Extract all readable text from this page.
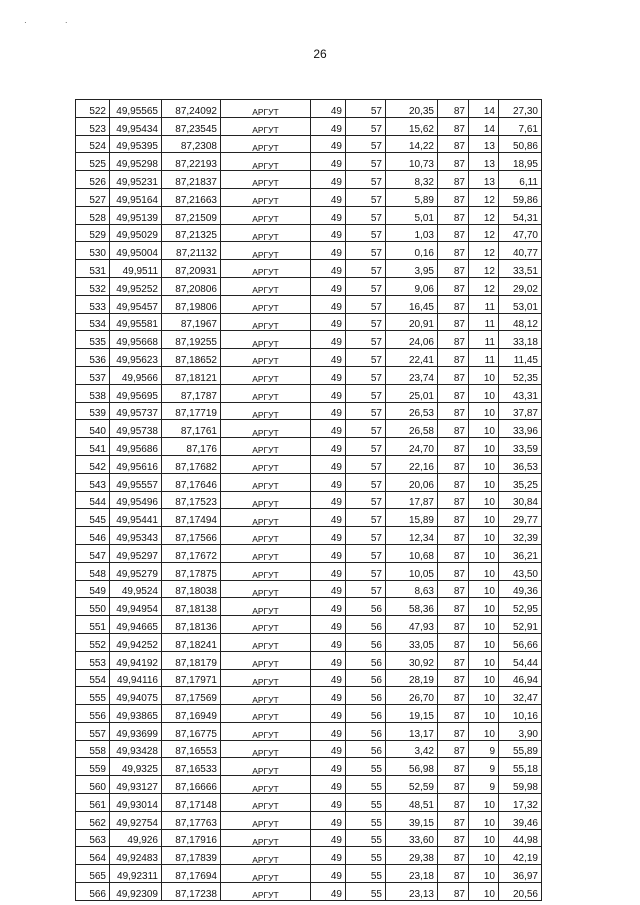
· ·
26
522	49,95565	87,24092	АРГУТ	49	57	20,35	87	14	27,30
523	49,95434	87,23545	АРГУТ	49	57	15,62	87	14	7,61
524	49,95395	87,2308	АРГУТ	49	57	14,22	87	13	50,86
525	49,95298	87,22193	АРГУТ	49	57	10,73	87	13	18,95
526	49,95231	87,21837	АРГУТ	49	57	8,32	87	13	6,11
527	49,95164	87,21663	АРГУТ	49	57	5,89	87	12	59,86
528	49,95139	87,21509	АРГУТ	49	57	5,01	87	12	54,31
529	49,95029	87,21325	АРГУТ	49	57	1,03	87	12	47,70
530	49,95004	87,21132	АРГУТ	49	57	0,16	87	12	40,77
531	49,9511	87,20931	АРГУТ	49	57	3,95	87	12	33,51
532	49,95252	87,20806	АРГУТ	49	57	9,06	87	12	29,02
533	49,95457	87,19806	АРГУТ	49	57	16,45	87	11	53,01
534	49,95581	87,1967	АРГУТ	49	57	20,91	87	11	48,12
535	49,95668	87,19255	АРГУТ	49	57	24,06	87	11	33,18
536	49,95623	87,18652	АРГУТ	49	57	22,41	87	11	11,45
537	49,9566	87,18121	АРГУТ	49	57	23,74	87	10	52,35
538	49,95695	87,1787	АРГУТ	49	57	25,01	87	10	43,31
539	49,95737	87,17719	АРГУТ	49	57	26,53	87	10	37,87
540	49,95738	87,1761	АРГУТ	49	57	26,58	87	10	33,96
541	49,95686	87,176	АРГУТ	49	57	24,70	87	10	33,59
542	49,95616	87,17682	АРГУТ	49	57	22,16	87	10	36,53
543	49,95557	87,17646	АРГУТ	49	57	20,06	87	10	35,25
544	49,95496	87,17523	АРГУТ	49	57	17,87	87	10	30,84
545	49,95441	87,17494	АРГУТ	49	57	15,89	87	10	29,77
546	49,95343	87,17566	АРГУТ	49	57	12,34	87	10	32,39
547	49,95297	87,17672	АРГУТ	49	57	10,68	87	10	36,21
548	49,95279	87,17875	АРГУТ	49	57	10,05	87	10	43,50
549	49,9524	87,18038	АРГУТ	49	57	8,63	87	10	49,36
550	49,94954	87,18138	АРГУТ	49	56	58,36	87	10	52,95
551	49,94665	87,18136	АРГУТ	49	56	47,93	87	10	52,91
552	49,94252	87,18241	АРГУТ	49	56	33,05	87	10	56,66
553	49,94192	87,18179	АРГУТ	49	56	30,92	87	10	54,44
554	49,94116	87,17971	АРГУТ	49	56	28,19	87	10	46,94
555	49,94075	87,17569	АРГУТ	49	56	26,70	87	10	32,47
556	49,93865	87,16949	АРГУТ	49	56	19,15	87	10	10,16
557	49,93699	87,16775	АРГУТ	49	56	13,17	87	10	3,90
558	49,93428	87,16553	АРГУТ	49	56	3,42	87	9	55,89
559	49,9325	87,16533	АРГУТ	49	55	56,98	87	9	55,18
560	49,93127	87,16666	АРГУТ	49	55	52,59	87	9	59,98
561	49,93014	87,17148	АРГУТ	49	55	48,51	87	10	17,32
562	49,92754	87,17763	АРГУТ	49	55	39,15	87	10	39,46
563	49,926	87,17916	АРГУТ	49	55	33,60	87	10	44,98
564	49,92483	87,17839	АРГУТ	49	55	29,38	87	10	42,19
565	49,92311	87,17694	АРГУТ	49	55	23,18	87	10	36,97
566	49,92309	87,17238	АРГУТ	49	55	23,13	87	10	20,56
